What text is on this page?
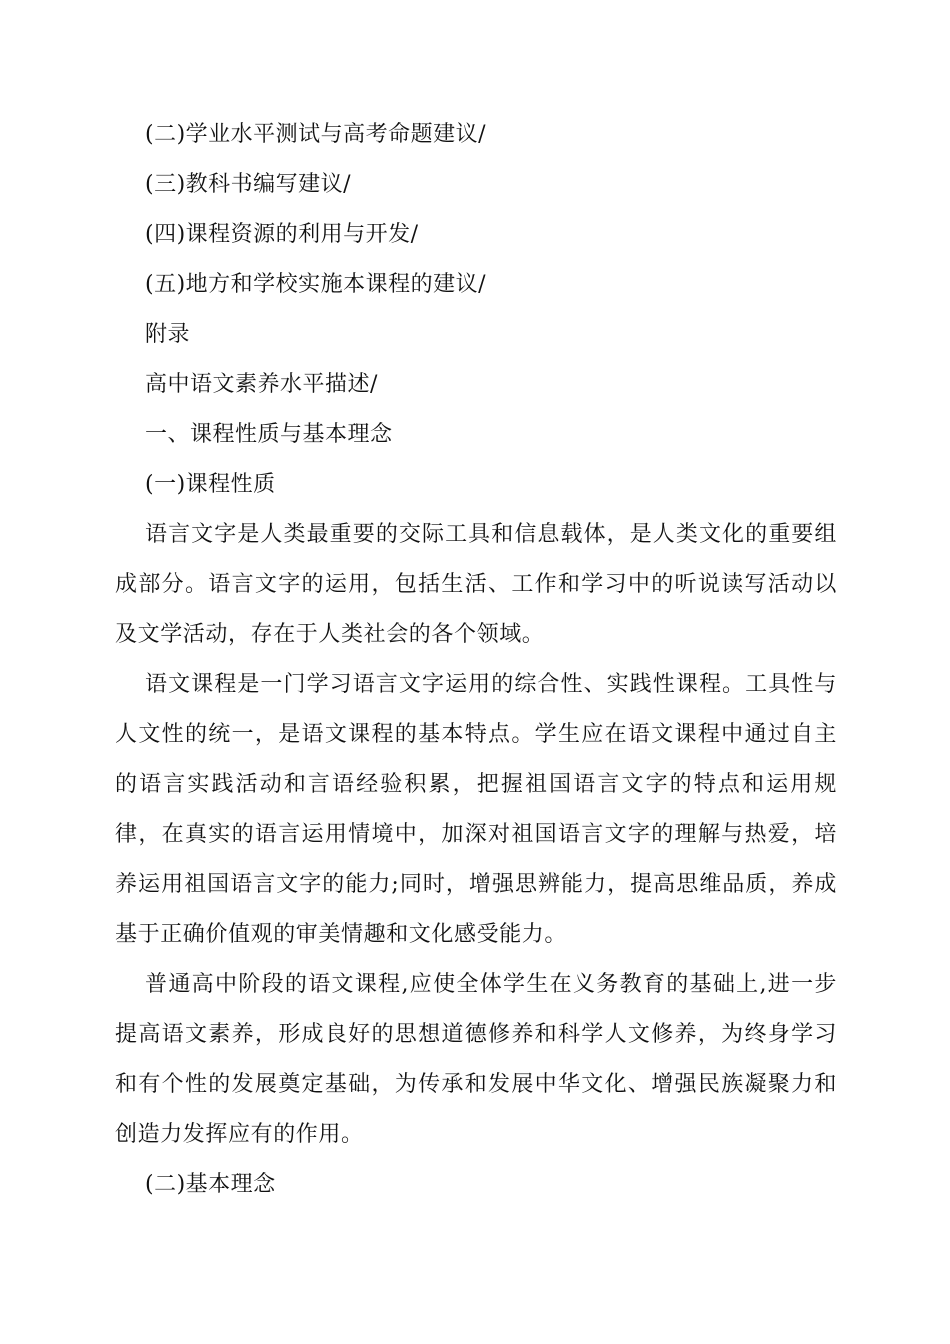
(二)学业水平测试与高考命题建议/

(三)教科书编写建议/

(四)课程资源的利用与开发/

(五)地方和学校实施本课程的建议/

附录

高中语文素养水平描述/

一、课程性质与基本理念

(一)课程性质

语言文字是人类最重要的交际工具和信息载体，是人类文化的重要组成部分。语言文字的运用，包括生活、工作和学习中的听说读写活动以及文学活动，存在于人类社会的各个领域。

语文课程是一门学习语言文字运用的综合性、实践性课程。工具性与人文性的统一，是语文课程的基本特点。学生应在语文课程中通过自主的语言实践活动和言语经验积累，把握祖国语言文字的特点和运用规律，在真实的语言运用情境中，加深对祖国语言文字的理解与热爱，培养运用祖国语言文字的能力;同时，增强思辨能力，提高思维品质，养成基于正确价值观的审美情趣和文化感受能力。

普通高中阶段的语文课程,应使全体学生在义务教育的基础上,进一步提高语文素养，形成良好的思想道德修养和科学人文修养，为终身学习和有个性的发展奠定基础，为传承和发展中华文化、增强民族凝聚力和创造力发挥应有的作用。

(二)基本理念
